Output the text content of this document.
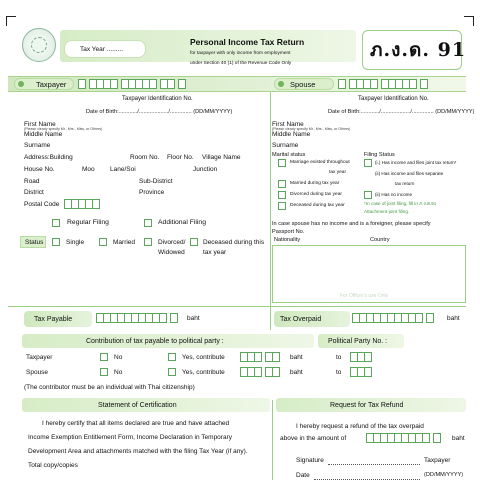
Tax Year .........
Personal Income Tax Return
for taxpayer with only income from employment
under Section 40 (1) of the Revenue Code Only
ภ.ง.ด. 91
Taxpayer	Spouse
Taxpayer Identification No.
Date of Birth:............/.................../.............. (DD/MM/YYYY)
First Name
(Please clearly specify Mr., Mrs., Miss, or Others)
Middle Name
Surname
Address:Building	Room No. Floor No. Village Name
House No.	Moo Lane/Soi	Junction
Road	Sub-District
District	Province
Postal Code
Regular Filing	Additional Filing
Status	Single	Married	Divorced/
Widowed
Deceased during this
tax year
Taxpayer Identification No.
Date of Birth:............/.................../.............. (DD/MM/YYYY)
First Name
(Please clearly specify Mr., Mrs., Miss, or Others)
Middle Name
Surname
Marital status	Filing Status
Marriage existed throughout
tax year
Married during tax year
Divorced during tax year
Deceased during tax year
(i.) Has income and files joint tax return*
(ii) Has income and files separate
tax return
(ii) Has no income
*In case of joint filing, fill in ภ.ง.ด.91
Attachment-joint filing.
In case spouse has no income and is a foreigner, please specify
Passport No.
Nationality	Country
For Officer's use Only
Tax Payable	baht	Tax Overpaid	baht
Contribution of tax payable to political party :	Political Party No. :
Taxpayer	No	Yes, contribute	baht	to
Spouse	No	Yes, contribute	baht	to
(The contributor must be an individual with Thai citizenship)
Statement of Certification	Request for Tax Refund
I hereby certify that all items declared are true and have attached
Income Exemption Entitlement Form, Income Declaration in Temporary
Development Area and attachments matched with the filing Tax Year (if any).
Total copy/copies
I hereby request a refund of the tax overpaid
above in the amount of	baht
Signature	Taxpayer
Date	(DD/MM/YYYY)
